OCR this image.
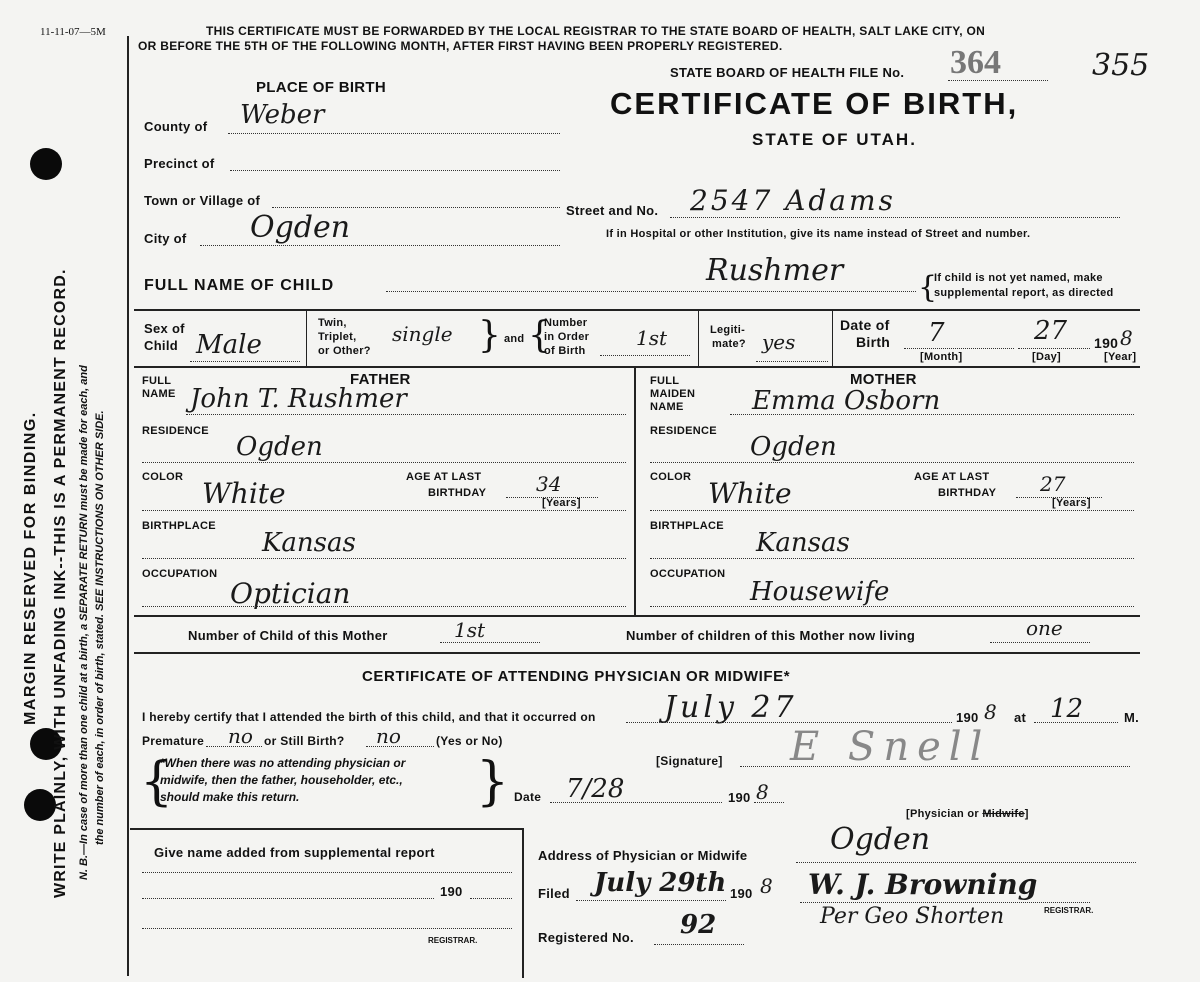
MARGIN RESERVED FOR BINDING. WRITE PLAINLY, WITH UNFADING INK--THIS IS A PERMANENT RECORD. N. B.—In case of more than one child at a birth, a SEPARATE RETURN must be made for each, and the number of each, in order of birth, stated. SEE INSTRUCTIONS ON OTHER SIDE.
11-11-07—5M	THIS CERTIFICATE MUST BE FORWARDED BY THE LOCAL REGISTRAR TO THE STATE BOARD OF HEALTH, SALT LAKE CITY, ON
OR BEFORE THE 5TH OF THE FOLLOWING MONTH, AFTER FIRST HAVING BEEN PROPERLY REGISTERED.
STATE BOARD OF HEALTH FILE No. 364	355
CERTIFICATE OF BIRTH,
STATE OF UTAH.
PLACE OF BIRTH
County of Weber
Precinct of
Town or Village of
City of Ogden	Street and No. 2547 Adams
If in Hospital or other Institution, give its name instead of Street and number.
FULL NAME OF CHILD	Rushmer {
If child is not yet named, make
supplemental report, as directed
Sex of
Child Male
Twin,
Triplet,
or Other?
single } and {
Number
in Order
of Birth
1st	Legiti-
mate? yes
Date of
Birth 7	27 190 8
[Month]	[Day]	[Year]
FATHER
FULL
NAME John T. Rushmer
RESIDENCE
Ogden
COLOR White	AGE AT LAST
BIRTHDAY 34
[Years]
BIRTHPLACE
Kansas
OCCUPATION
Optician
MOTHER
FULL
MAIDEN
NAME	Emma Osborn
RESIDENCE
Ogden
COLOR White	AGE AT LAST
BIRTHDAY 27
[Years]
BIRTHPLACE
Kansas
OCCUPATION
Housewife
Number of Child of this Mother	1st	Number of children of this Mother now living	one
CERTIFICATE OF ATTENDING PHYSICIAN OR MIDWIFE*
I hereby certify that I attended the birth of this child, and that it occurred on July 27	190 8 at 12	M.
Premature no or Still Birth? no	(Yes or No)
{
*When there was no attending physician or
midwife, then the father, householder, etc.,
should make this return.	}	[Signature] E Snell
Date 7/28	190 8
[Physician or Midwife]
Give name added from supplemental report
190
REGISTRAR.
Address of Physician or Midwife	Ogden
Filed July 29th 190 8 W. J. Browning
REGISTRAR.
Per Geo Shorten
Registered No. 92
